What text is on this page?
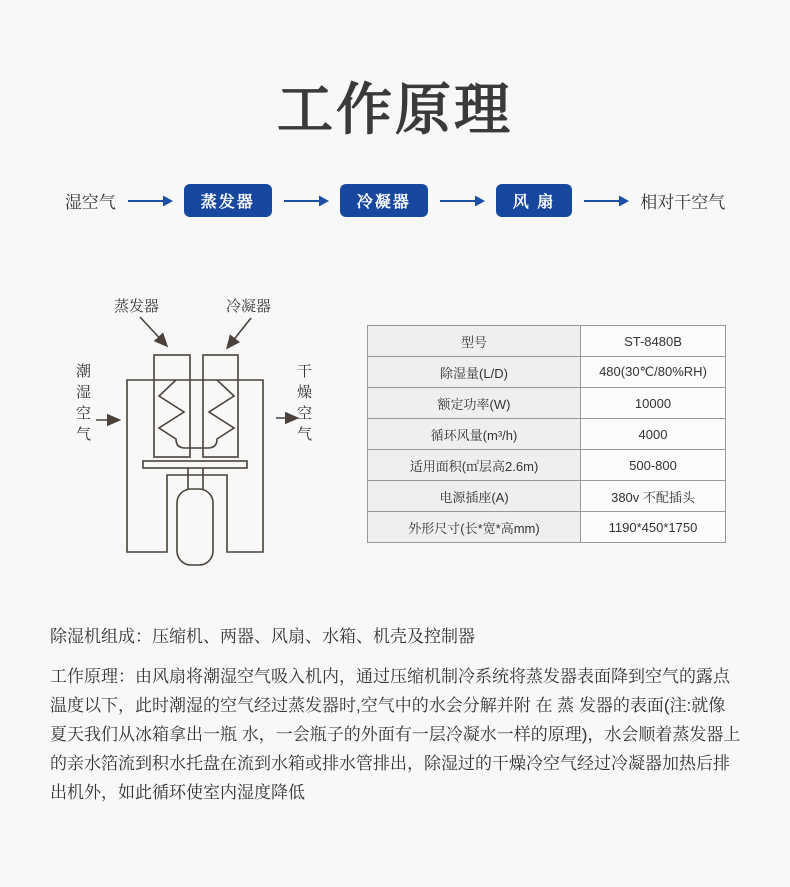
工作原理
湿空气	蒸发器	冷凝器	风 扇	相对干空气
蒸发器	冷凝器
潮湿空气	干燥空气
型号	ST-8480B
除湿量(L/D)	480(30℃/80%RH)
额定功率(W)	10000
循环风量(m³/h)	4000
适用面积(㎡层高2.6m)	500-800
电源插座(A)	380v 不配插头
外形尺寸(长*宽*高mm)	1190*450*1750
除湿机组成：压缩机、两器、风扇、水箱、机壳及控制器
工作原理：由风扇将潮湿空气吸入机内，通过压缩机制冷系统将蒸发器表面降到空气的露点温度以下，此时潮湿的空气经过蒸发器时,空气中的水会分解并附 在 蒸 发器的表面(注:就像夏天我们从冰箱拿出一瓶 水，一会瓶子的外面有一层冷凝水一样的原理)，水会顺着蒸发器上的亲水箔流到积水托盘在流到水箱或排水管排出，除湿过的干燥冷空气经过冷凝器加热后排出机外，如此循环使室内湿度降低
